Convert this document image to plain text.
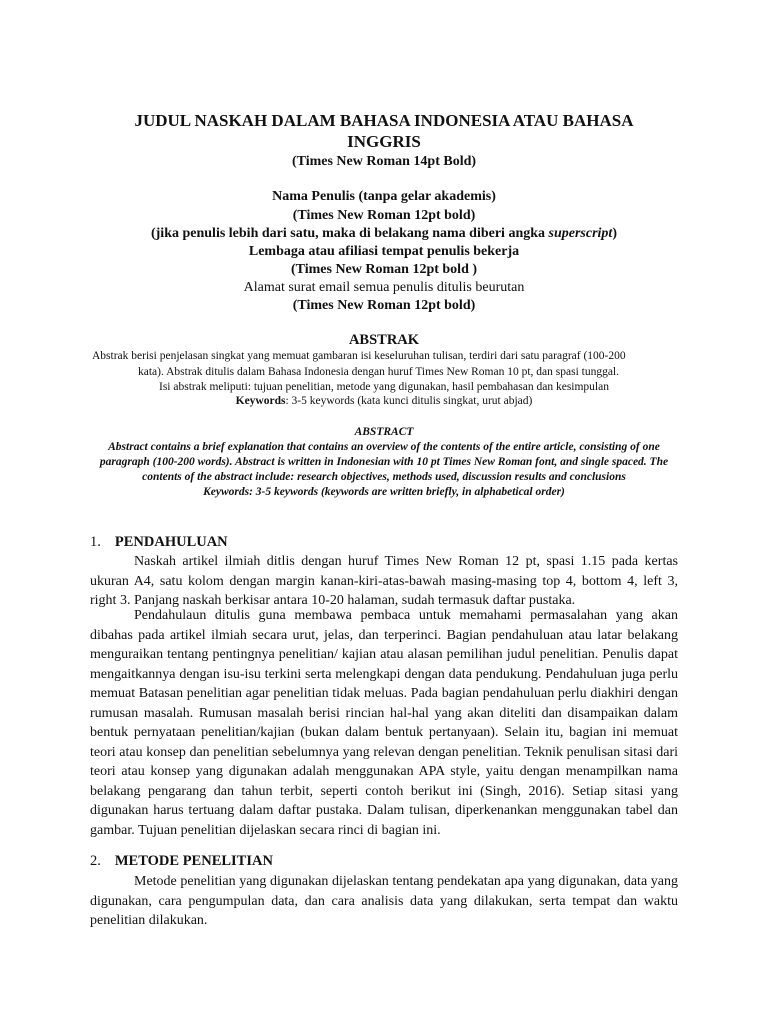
JUDUL NASKAH DALAM BAHASA INDONESIA ATAU BAHASA
INGGRIS
(Times New Roman 14pt Bold)
Nama Penulis (tanpa gelar akademis)
(Times New Roman 12pt bold)
(jika penulis lebih dari satu, maka di belakang nama diberi angka superscript)
Lembaga atau afiliasi tempat penulis bekerja
(Times New Roman 12pt bold )
Alamat surat email semua penulis ditulis beurutan
(Times New Roman 12pt bold)
ABSTRAK
Abstrak berisi penjelasan singkat yang memuat gambaran isi keseluruhan tulisan, terdiri dari satu paragraf (100-200
kata). Abstrak ditulis dalam Bahasa Indonesia dengan huruf Times New Roman 10 pt, dan spasi tunggal.
Isi abstrak meliputi: tujuan penelitian, metode yang digunakan, hasil pembahasan dan kesimpulan
Keywords: 3-5 keywords (kata kunci ditulis singkat, urut abjad)
ABSTRACT
Abstract contains a brief explanation that contains an overview of the contents of the entire article, consisting of one paragraph (100-200 words). Abstract is written in Indonesian with 10 pt Times New Roman font, and single spaced. The contents of the abstract include: research objectives, methods used, discussion results and conclusions
Keywords: 3-5 keywords (keywords are written briefly, in alphabetical order)
1. PENDAHULUAN
Naskah artikel ilmiah ditlis dengan huruf Times New Roman 12 pt, spasi 1.15 pada kertas ukuran A4, satu kolom dengan margin kanan-kiri-atas-bawah masing-masing top 4, bottom 4, left 3, right 3. Panjang naskah berkisar antara 10-20 halaman, sudah termasuk daftar pustaka.
Pendahulaun ditulis guna membawa pembaca untuk memahami permasalahan yang akan dibahas pada artikel ilmiah secara urut, jelas, dan terperinci. Bagian pendahuluan atau latar belakang menguraikan tentang pentingnya penelitian/ kajian atau alasan pemilihan judul penelitian. Penulis dapat mengaitkannya dengan isu-isu terkini serta melengkapi dengan data pendukung. Pendahuluan juga perlu memuat Batasan penelitian agar penelitian tidak meluas. Pada bagian pendahuluan perlu diakhiri dengan rumusan masalah. Rumusan masalah berisi rincian hal-hal yang akan diteliti dan disampaikan dalam bentuk pernyataan penelitian/kajian (bukan dalam bentuk pertanyaan). Selain itu, bagian ini memuat teori atau konsep dan penelitian sebelumnya yang relevan dengan penelitian. Teknik penulisan sitasi dari teori atau konsep yang digunakan adalah menggunakan APA style, yaitu dengan menampilkan nama belakang pengarang dan tahun terbit, seperti contoh berikut ini (Singh, 2016). Setiap sitasi yang digunakan harus tertuang dalam daftar pustaka. Dalam tulisan, diperkenankan menggunakan tabel dan gambar. Tujuan penelitian dijelaskan secara rinci di bagian ini.
2. METODE PENELITIAN
Metode penelitian yang digunakan dijelaskan tentang pendekatan apa yang digunakan, data yang digunakan, cara pengumpulan data, dan cara analisis data yang dilakukan, serta tempat dan waktu penelitian dilakukan.
